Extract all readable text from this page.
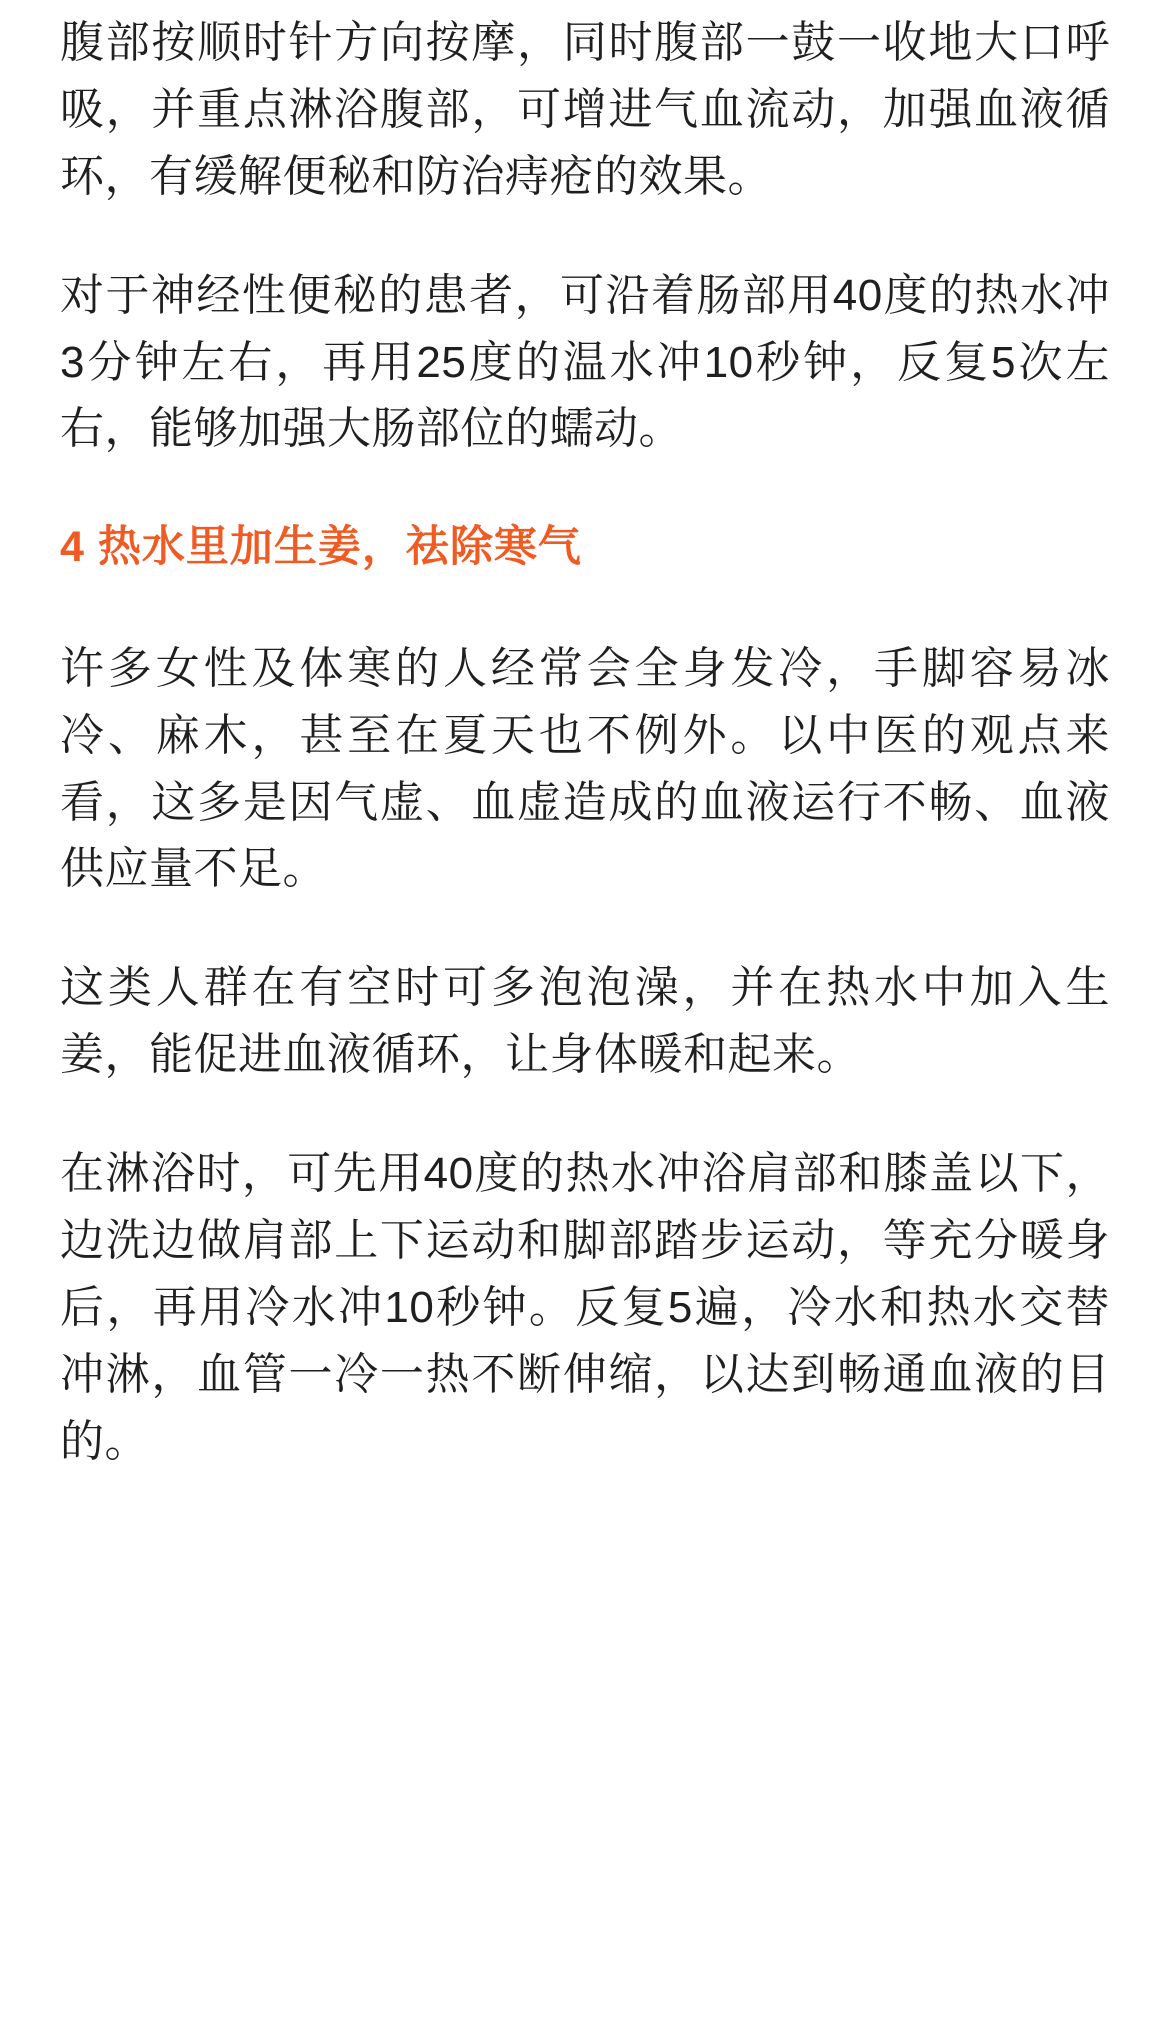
腹部按顺时针方向按摩，同时腹部一鼓一收地大口呼吸，并重点淋浴腹部，可增进气血流动，加强血液循环，有缓解便秘和防治痔疮的效果。

对于神经性便秘的患者，可沿着肠部用40度的热水冲3分钟左右，再用25度的温水冲10秒钟，反复5次左右，能够加强大肠部位的蠕动。

4 热水里加生姜，祛除寒气

许多女性及体寒的人经常会全身发冷，手脚容易冰冷、麻木，甚至在夏天也不例外。以中医的观点来看，这多是因气虚、血虚造成的血液运行不畅、血液供应量不足。

这类人群在有空时可多泡泡澡，并在热水中加入生姜，能促进血液循环，让身体暖和起来。

在淋浴时，可先用40度的热水冲浴肩部和膝盖以下，边洗边做肩部上下运动和脚部踏步运动，等充分暖身后，再用冷水冲10秒钟。反复5遍，冷水和热水交替冲淋，血管一冷一热不断伸缩，以达到畅通血液的目的。
